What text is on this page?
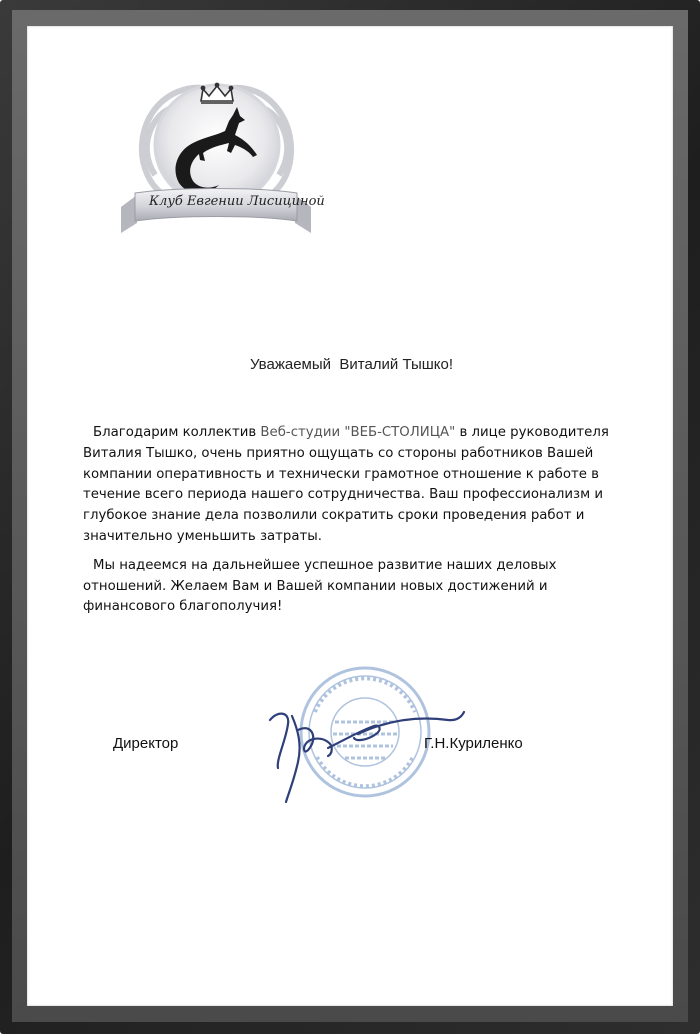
Клуб Евгении Лисициной
Уважаемый  Виталий Тышко!

Благодарим коллектив Веб-студии "ВЕБ-СТОЛИЦА" в лице руководителя Виталия Тышко, очень приятно ощущать со стороны работников Вашей компании оперативность и технически грамотное отношение к работе в течение всего периода нашего сотрудничества. Ваш профессионализм и глубокое знание дела позволили сократить сроки проведения работ и значительно уменьшить затраты.

Мы надеемся на дальнейшее успешное развитие наших деловых отношений. Желаем Вам и Вашей компании новых достижений и финансового благополучия!

Директор	Г.Н.Куриленко
